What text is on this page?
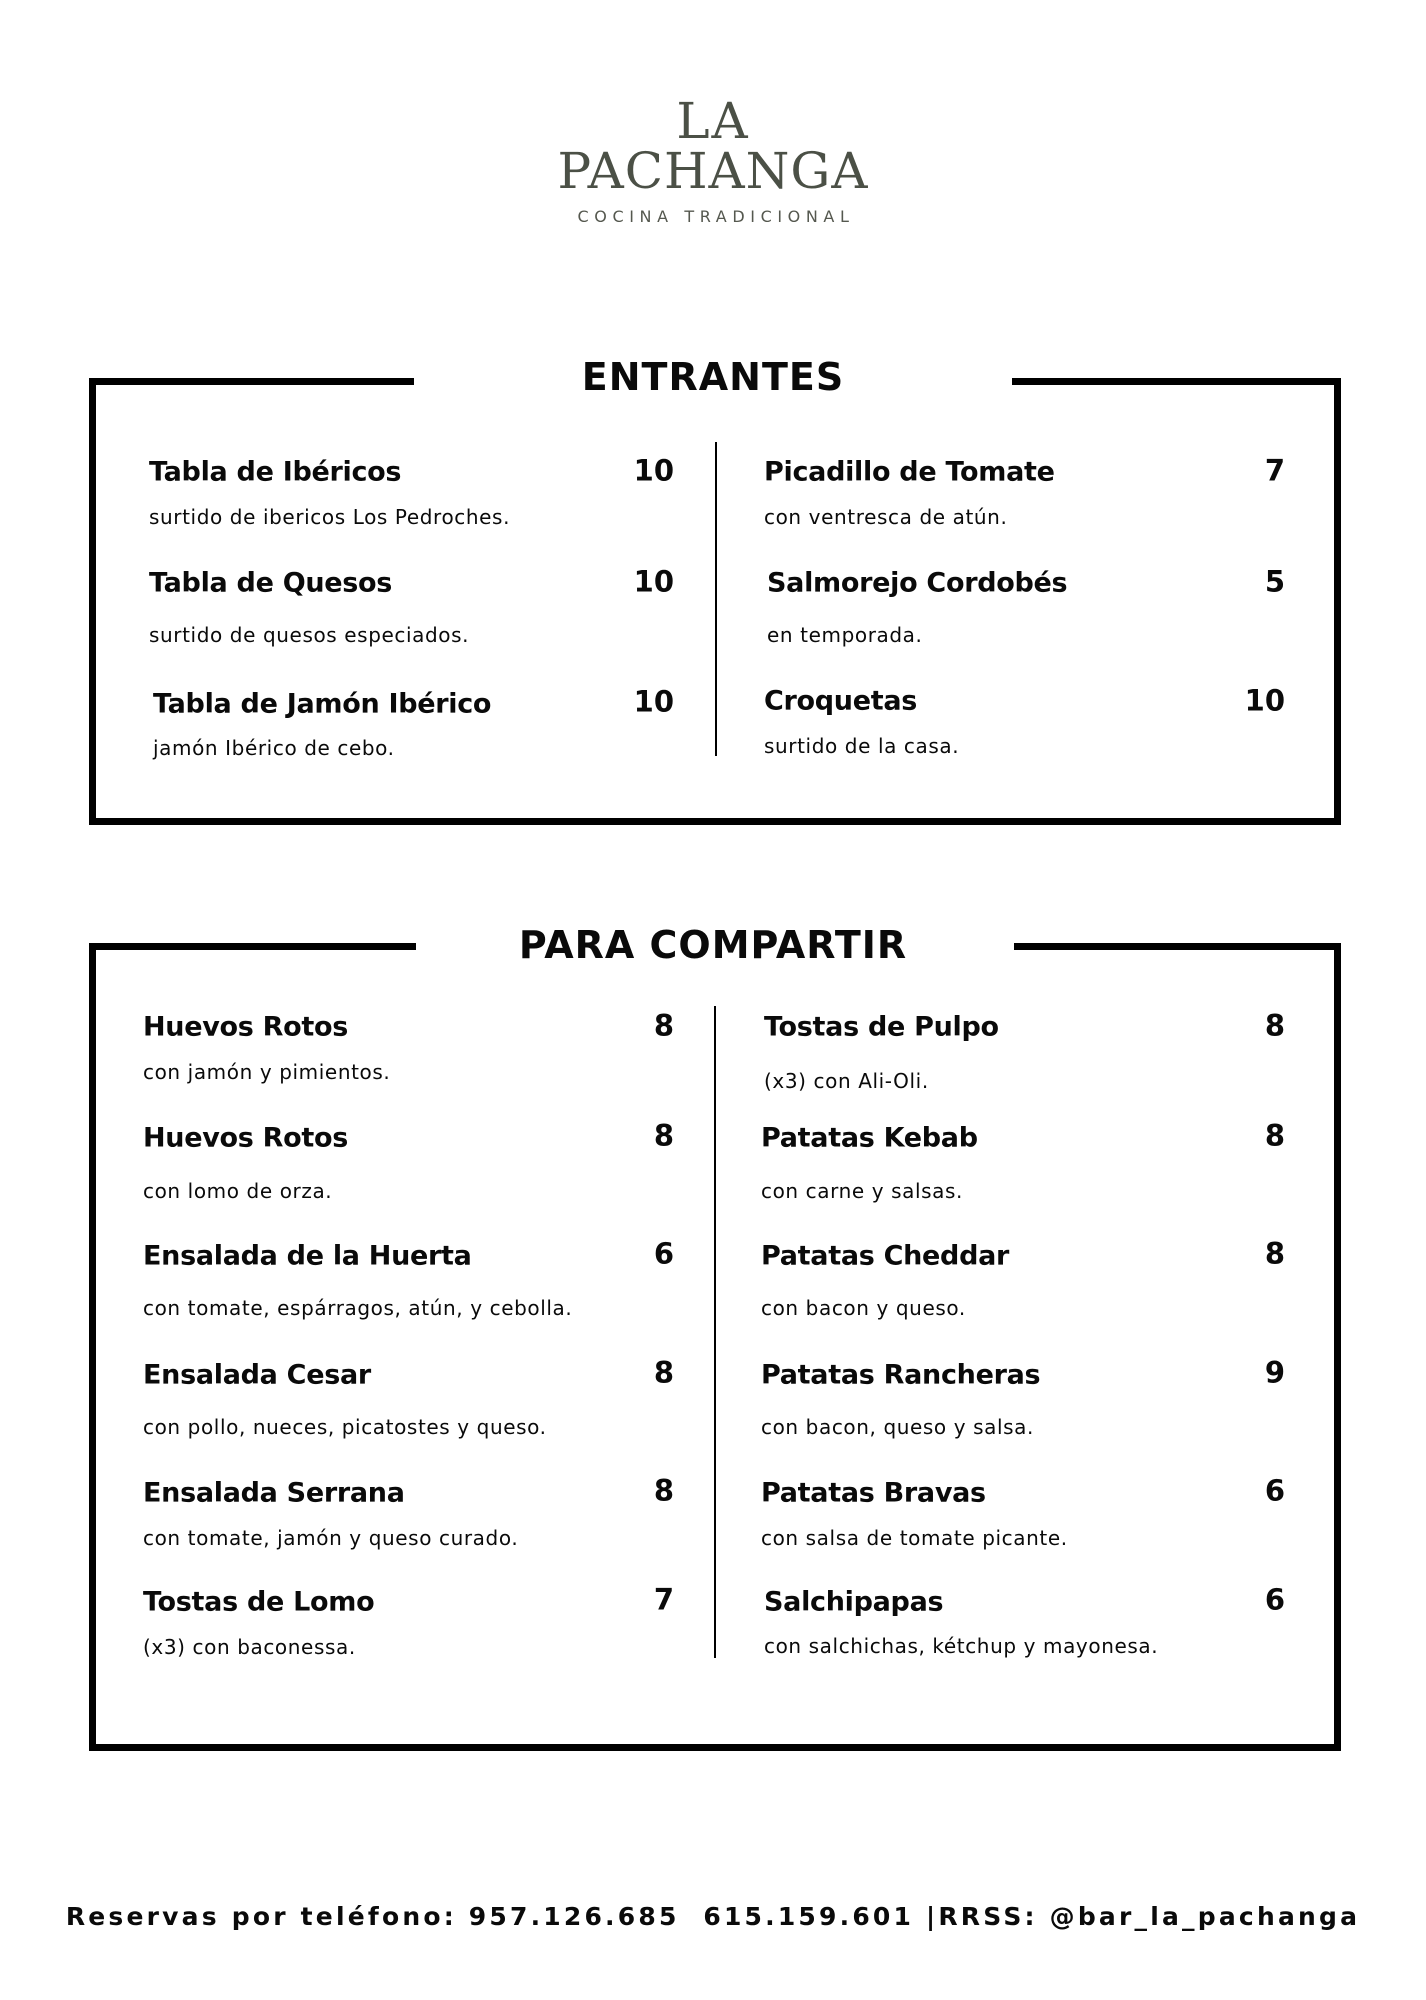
LA
PACHANGA
COCINA TRADICIONAL
ENTRANTES
Tabla de Ibéricos	10
surtido de ibericos Los Pedroches.
Tabla de Quesos	10
surtido de quesos especiados.
Tabla de Jamón Ibérico	10
jamón Ibérico de cebo.
Picadillo de Tomate	7
con ventresca de atún.
Salmorejo Cordobés	5
en temporada.
Croquetas	10
surtido de la casa.
PARA COMPARTIR
Huevos Rotos	8
con jamón y pimientos.
Huevos Rotos	8
con lomo de orza.
Ensalada de la Huerta	6
con tomate, espárragos, atún, y cebolla.
Ensalada Cesar	8
con pollo, nueces, picatostes y queso.
Ensalada Serrana	8
con tomate, jamón y queso curado.
Tostas de Lomo	7
(x3) con baconessa.
Tostas de Pulpo	8
(x3) con Ali-Oli.
Patatas Kebab	8
con carne y salsas.
Patatas Cheddar	8
con bacon y queso.
Patatas Rancheras	9
con bacon, queso y salsa.
Patatas Bravas	6
con salsa de tomate picante.
Salchipapas	6
con salchichas, kétchup y mayonesa.
Reservas por teléfono: 957.126.685  615.159.601 |RRSS: @bar_la_pachanga
